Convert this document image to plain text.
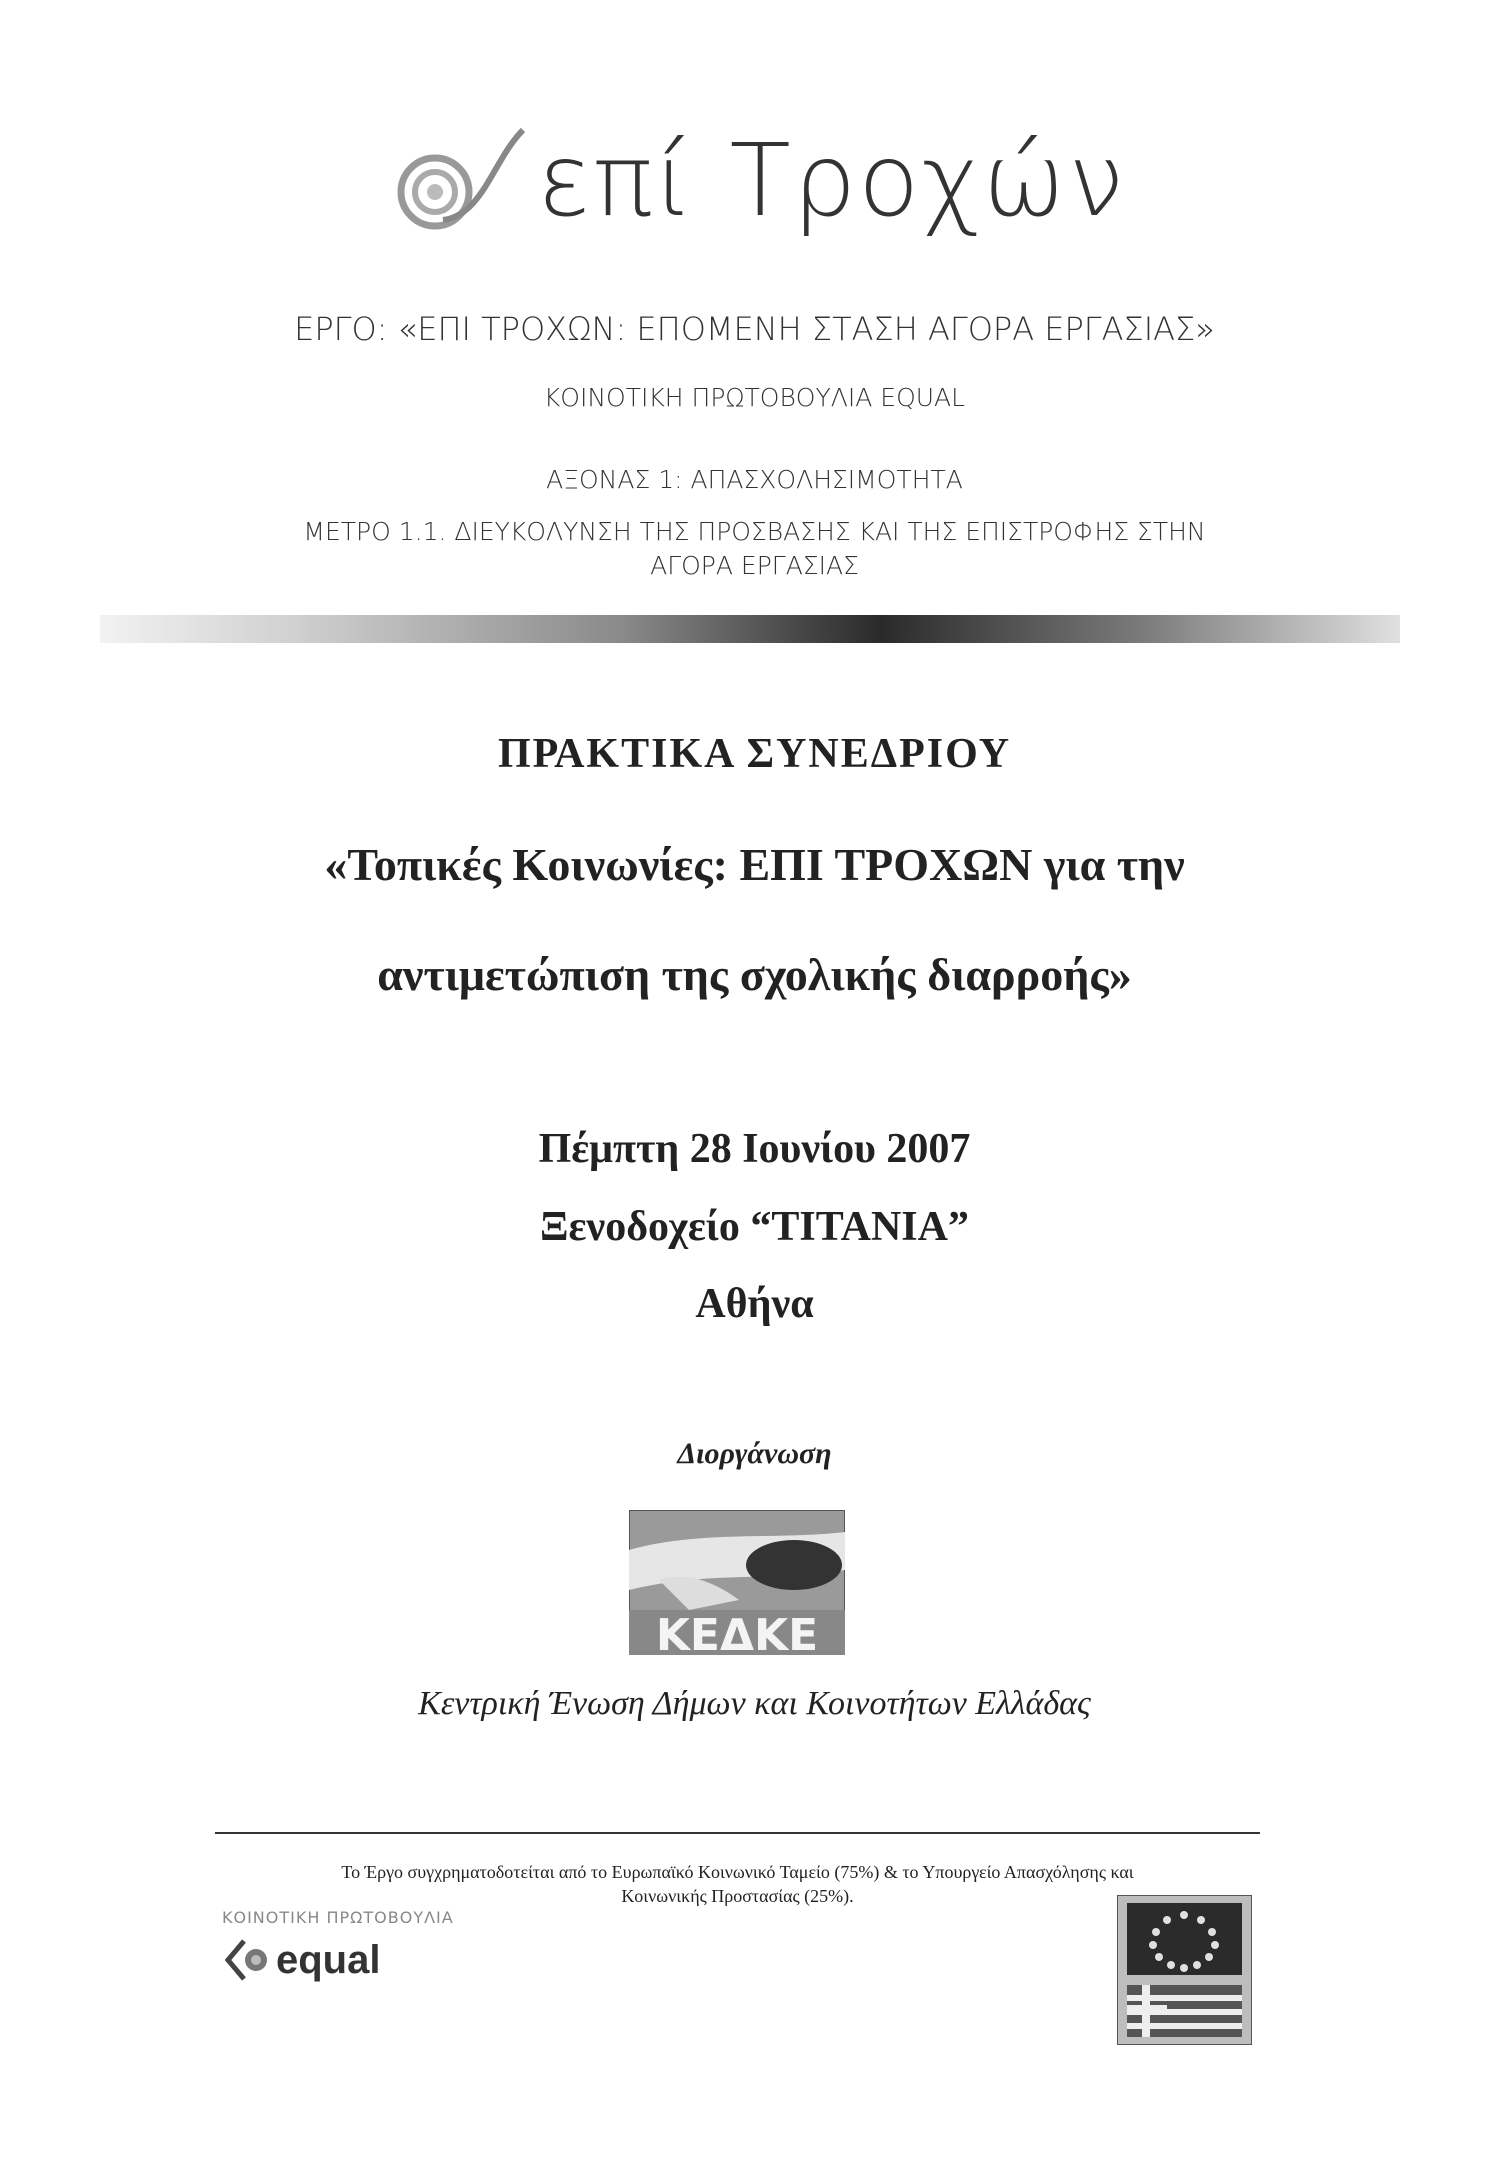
επί Τροχών
ΕΡΓΟ: «ΕΠΙ ΤΡΟΧΩΝ: ΕΠΟΜΕΝΗ ΣΤΑΣΗ ΑΓΟΡΑ ΕΡΓΑΣΙΑΣ»
ΚΟΙΝΟΤΙΚΗ ΠΡΩΤΟΒΟΥΛΙΑ EQUAL
ΑΞΟΝΑΣ 1: ΑΠΑΣΧΟΛΗΣΙΜΟΤΗΤΑ
ΜΕΤΡΟ 1.1. ΔΙΕΥΚΟΛΥΝΣΗ ΤΗΣ ΠΡΟΣΒΑΣΗΣ ΚΑΙ ΤΗΣ ΕΠΙΣΤΡΟΦΗΣ ΣΤΗΝ
ΑΓΟΡΑ ΕΡΓΑΣΙΑΣ
ΠΡΑΚΤΙΚΑ ΣΥΝΕΔΡΙΟΥ
«Τοπικές Κοινωνίες: ΕΠΙ ΤΡΟΧΩΝ για την
αντιμετώπιση της σχολικής διαρροής»
Πέμπτη 28 Ιουνίου 2007
Ξενοδοχείο “TITANIA”
Αθήνα
Διοργάνωση
ΚΕΔΚΕ
Κεντρική Ένωση Δήμων και Κοινοτήτων Ελλάδας
Το Έργο συγχρηματοδοτείται από το Ευρωπαϊκό Κοινωνικό Ταμείο (75%) & το Υπουργείο Απασχόλησης και
Κοινωνικής Προστασίας (25%).
ΚΟΙΝΟΤΙΚΗ ΠΡΩΤΟΒΟΥΛΙΑ
equal
